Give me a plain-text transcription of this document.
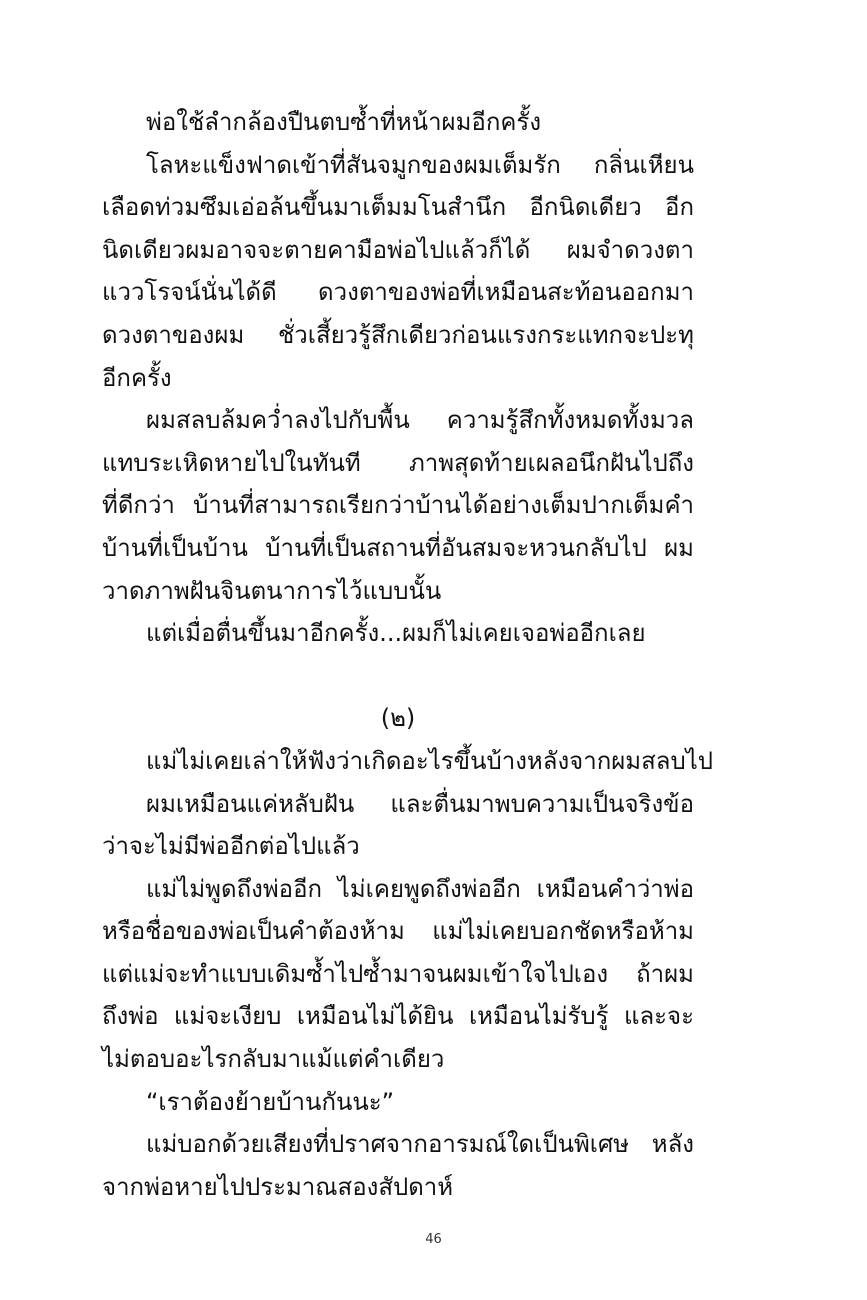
พ่อใช้ลำกล้องปืนตบซ้ำที่หน้าผมอีกครั้ง
โลหะแข็งฟาดเข้าที่สันจมูกของผมเต็มรัก กลิ่นเหียน
เลือดท่วมซึมเอ่อล้นขึ้นมาเต็มมโนสำนึก อีกนิดเดียว อีก
นิดเดียวผมอาจจะตายคามือพ่อไปแล้วก็ได้ ผมจำดวงตา
แววโรจน์นั่นได้ดี ดวงตาของพ่อที่เหมือนสะท้อนออกมา
ดวงตาของผม ชั่วเสี้ยวรู้สึกเดียวก่อนแรงกระแทกจะปะทุ
อีกครั้ง
ผมสลบล้มคว่ำลงไปกับพื้น ความรู้สึกทั้งหมดทั้งมวล
แทบระเหิดหายไปในทันที ภาพสุดท้ายเผลอนึกฝันไปถึง
ที่ดีกว่า บ้านที่สามารถเรียกว่าบ้านได้อย่างเต็มปากเต็มคำ
บ้านที่เป็นบ้าน บ้านที่เป็นสถานที่อันสมจะหวนกลับไป ผม
วาดภาพฝันจินตนาการไว้แบบนั้น
แต่เมื่อตื่นขึ้นมาอีกครั้ง...ผมก็ไม่เคยเจอพ่ออีกเลย
(๒)
แม่ไม่เคยเล่าให้ฟังว่าเกิดอะไรขึ้นบ้างหลังจากผมสลบไป
ผมเหมือนแค่หลับฝัน และตื่นมาพบความเป็นจริงข้อ
ว่าจะไม่มีพ่ออีกต่อไปแล้ว
แม่ไม่พูดถึงพ่ออีก ไม่เคยพูดถึงพ่ออีก เหมือนคำว่าพ่อ
หรือชื่อของพ่อเป็นคำต้องห้าม แม่ไม่เคยบอกชัดหรือห้าม
แต่แม่จะทำแบบเดิมซ้ำไปซ้ำมาจนผมเข้าใจไปเอง ถ้าผม
ถึงพ่อ แม่จะเงียบ เหมือนไม่ได้ยิน เหมือนไม่รับรู้ และจะ
ไม่ตอบอะไรกลับมาแม้แต่คำเดียว
“เราต้องย้ายบ้านกันนะ”
แม่บอกด้วยเสียงที่ปราศจากอารมณ์ใดเป็นพิเศษ หลัง
จากพ่อหายไปประมาณสองสัปดาห์
46
